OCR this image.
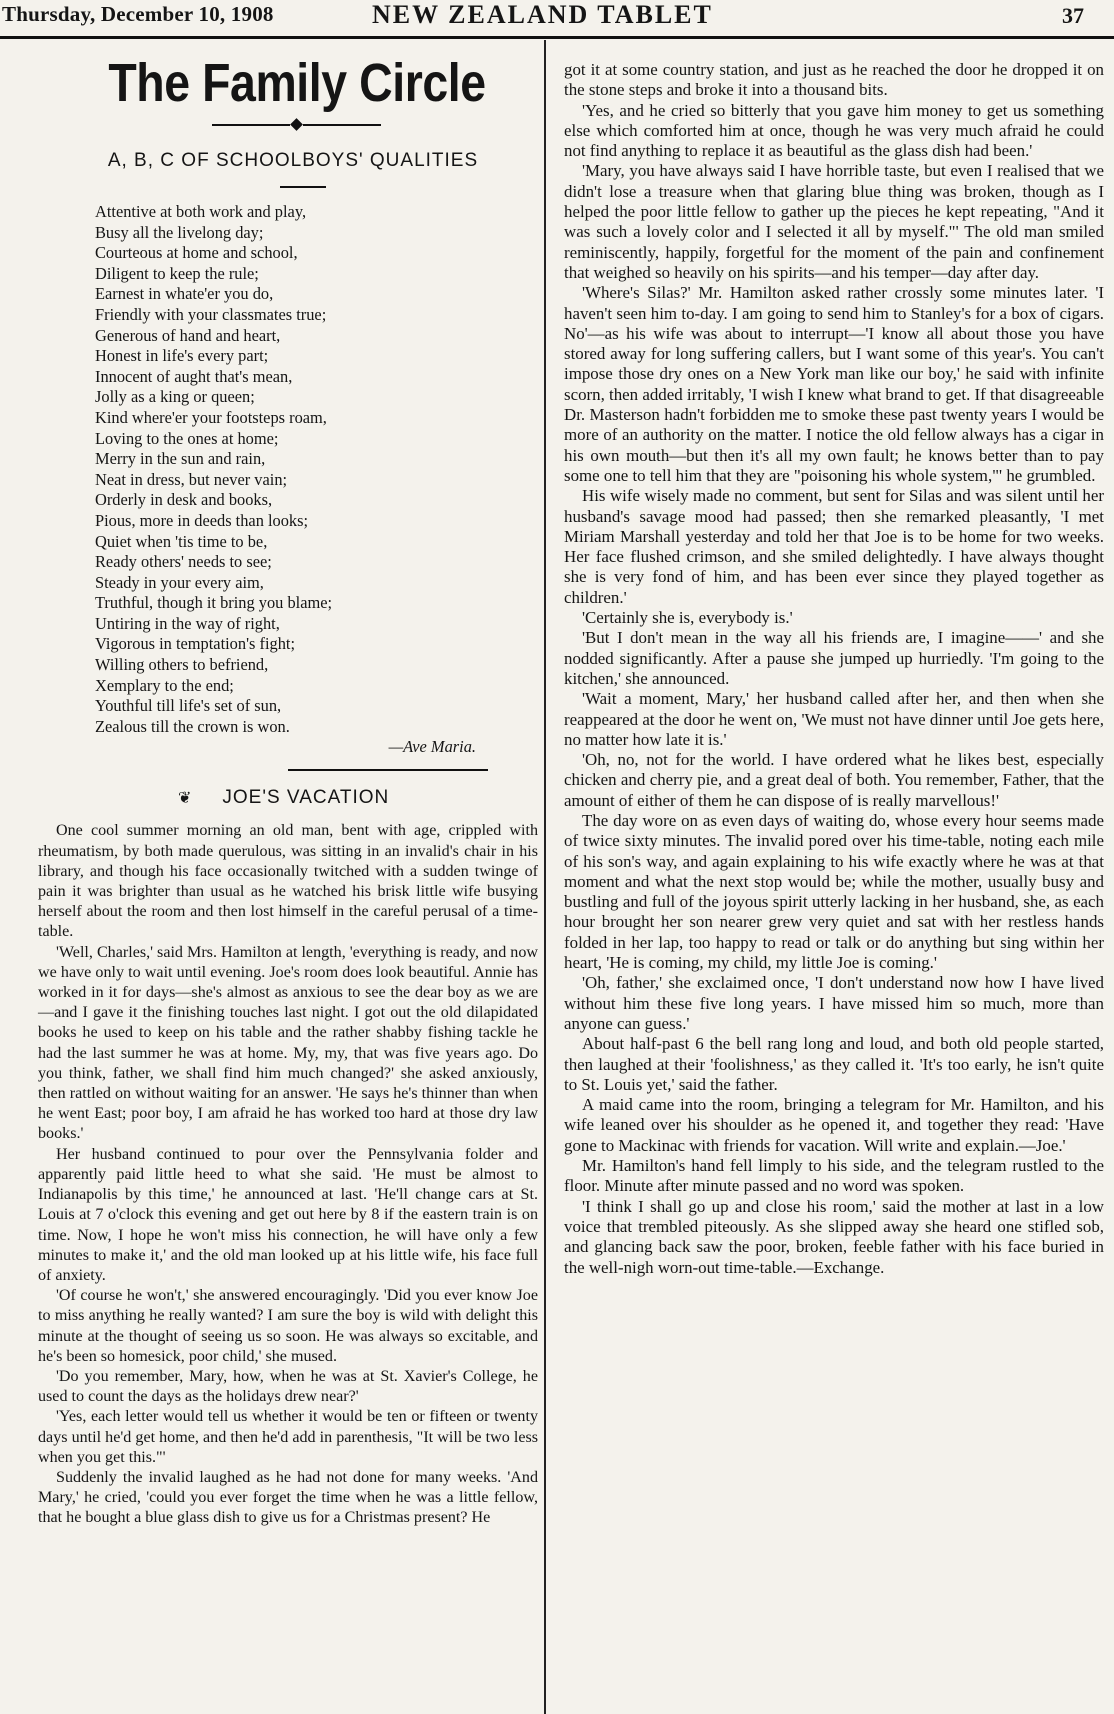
Thursday, December 10, 1908	NEW ZEALAND TABLET	37
The Family Circle
A, B, C OF SCHOOLBOYS' QUALITIES
Attentive at both work and play,
Busy all the livelong day;
Courteous at home and school,
Diligent to keep the rule;
Earnest in whate'er you do,
Friendly with your classmates true;
Generous of hand and heart,
Honest in life's every part;
Innocent of aught that's mean,
Jolly as a king or queen;
Kind where'er your footsteps roam,
Loving to the ones at home;
Merry in the sun and rain,
Neat in dress, but never vain;
Orderly in desk and books,
Pious, more in deeds than looks;
Quiet when 'tis time to be,
Ready others' needs to see;
Steady in your every aim,
Truthful, though it bring you blame;
Untiring in the way of right,
Vigorous in temptation's fight;
Willing others to befriend,
Xemplary to the end;
Youthful till life's set of sun,
Zealous till the crown is won.
—Ave Maria.
❦ JOE'S VACATION

One cool summer morning an old man, bent with age, crippled with rheumatism, by both made querulous, was sitting in an invalid's chair in his library, and though his face occasionally twitched with a sudden twinge of pain it was brighter than usual as he watched his brisk little wife busying herself about the room and then lost himself in the careful perusal of a time-table.

'Well, Charles,' said Mrs. Hamilton at length, 'everything is ready, and now we have only to wait until evening. Joe's room does look beautiful. Annie has worked in it for days—she's almost as anxious to see the dear boy as we are—and I gave it the finishing touches last night. I got out the old dilapidated books he used to keep on his table and the rather shabby fishing tackle he had the last summer he was at home. My, my, that was five years ago. Do you think, father, we shall find him much changed?' she asked anxiously, then rattled on without waiting for an answer. 'He says he's thinner than when he went East; poor boy, I am afraid he has worked too hard at those dry law books.'

Her husband continued to pour over the Pennsylvania folder and apparently paid little heed to what she said. 'He must be almost to Indianapolis by this time,' he announced at last. 'He'll change cars at St. Louis at 7 o'clock this evening and get out here by 8 if the eastern train is on time. Now, I hope he won't miss his connection, he will have only a few minutes to make it,' and the old man looked up at his little wife, his face full of anxiety.

'Of course he won't,' she answered encouragingly. 'Did you ever know Joe to miss anything he really wanted? I am sure the boy is wild with delight this minute at the thought of seeing us so soon. He was always so excitable, and he's been so homesick, poor child,' she mused.

'Do you remember, Mary, how, when he was at St. Xavier's College, he used to count the days as the holidays drew near?'

'Yes, each letter would tell us whether it would be ten or fifteen or twenty days until he'd get home, and then he'd add in parenthesis, "It will be two less when you get this."'

Suddenly the invalid laughed as he had not done for many weeks. 'And Mary,' he cried, 'could you ever forget the time when he was a little fellow, that he bought a blue glass dish to give us for a Christmas present? He

got it at some country station, and just as he reached the door he dropped it on the stone steps and broke it into a thousand bits.

'Yes, and he cried so bitterly that you gave him money to get us something else which comforted him at once, though he was very much afraid he could not find anything to replace it as beautiful as the glass dish had been.'

'Mary, you have always said I have horrible taste, but even I realised that we didn't lose a treasure when that glaring blue thing was broken, though as I helped the poor little fellow to gather up the pieces he kept repeating, "And it was such a lovely color and I selected it all by myself."' The old man smiled reminiscently, happily, forgetful for the moment of the pain and confinement that weighed so heavily on his spirits—and his temper—day after day.

'Where's Silas?' Mr. Hamilton asked rather crossly some minutes later. 'I haven't seen him to-day. I am going to send him to Stanley's for a box of cigars. No'—as his wife was about to interrupt—'I know all about those you have stored away for long suffering callers, but I want some of this year's. You can't impose those dry ones on a New York man like our boy,' he said with infinite scorn, then added irritably, 'I wish I knew what brand to get. If that disagreeable Dr. Masterson hadn't forbidden me to smoke these past twenty years I would be more of an authority on the matter. I notice the old fellow always has a cigar in his own mouth—but then it's all my own fault; he knows better than to pay some one to tell him that they are "poisoning his whole system,"' he grumbled.

His wife wisely made no comment, but sent for Silas and was silent until her husband's savage mood had passed; then she remarked pleasantly, 'I met Miriam Marshall yesterday and told her that Joe is to be home for two weeks. Her face flushed crimson, and she smiled delightedly. I have always thought she is very fond of him, and has been ever since they played together as children.'

'Certainly she is, everybody is.'

'But I don't mean in the way all his friends are, I imagine——' and she nodded significantly. After a pause she jumped up hurriedly. 'I'm going to the kitchen,' she announced.

'Wait a moment, Mary,' her husband called after her, and then when she reappeared at the door he went on, 'We must not have dinner until Joe gets here, no matter how late it is.'

'Oh, no, not for the world. I have ordered what he likes best, especially chicken and cherry pie, and a great deal of both. You remember, Father, that the amount of either of them he can dispose of is really marvellous!'

The day wore on as even days of waiting do, whose every hour seems made of twice sixty minutes. The invalid pored over his time-table, noting each mile of his son's way, and again explaining to his wife exactly where he was at that moment and what the next stop would be; while the mother, usually busy and bustling and full of the joyous spirit utterly lacking in her husband, she, as each hour brought her son nearer grew very quiet and sat with her restless hands folded in her lap, too happy to read or talk or do anything but sing within her heart, 'He is coming, my child, my little Joe is coming.'

'Oh, father,' she exclaimed once, 'I don't understand now how I have lived without him these five long years. I have missed him so much, more than anyone can guess.'

About half-past 6 the bell rang long and loud, and both old people started, then laughed at their 'foolishness,' as they called it. 'It's too early, he isn't quite to St. Louis yet,' said the father.

A maid came into the room, bringing a telegram for Mr. Hamilton, and his wife leaned over his shoulder as he opened it, and together they read: 'Have gone to Mackinac with friends for vacation. Will write and explain.—Joe.'

Mr. Hamilton's hand fell limply to his side, and the telegram rustled to the floor. Minute after minute passed and no word was spoken.

'I think I shall go up and close his room,' said the mother at last in a low voice that trembled piteously. As she slipped away she heard one stifled sob, and glancing back saw the poor, broken, feeble father with his face buried in the well-nigh worn-out time-table.—Exchange.
